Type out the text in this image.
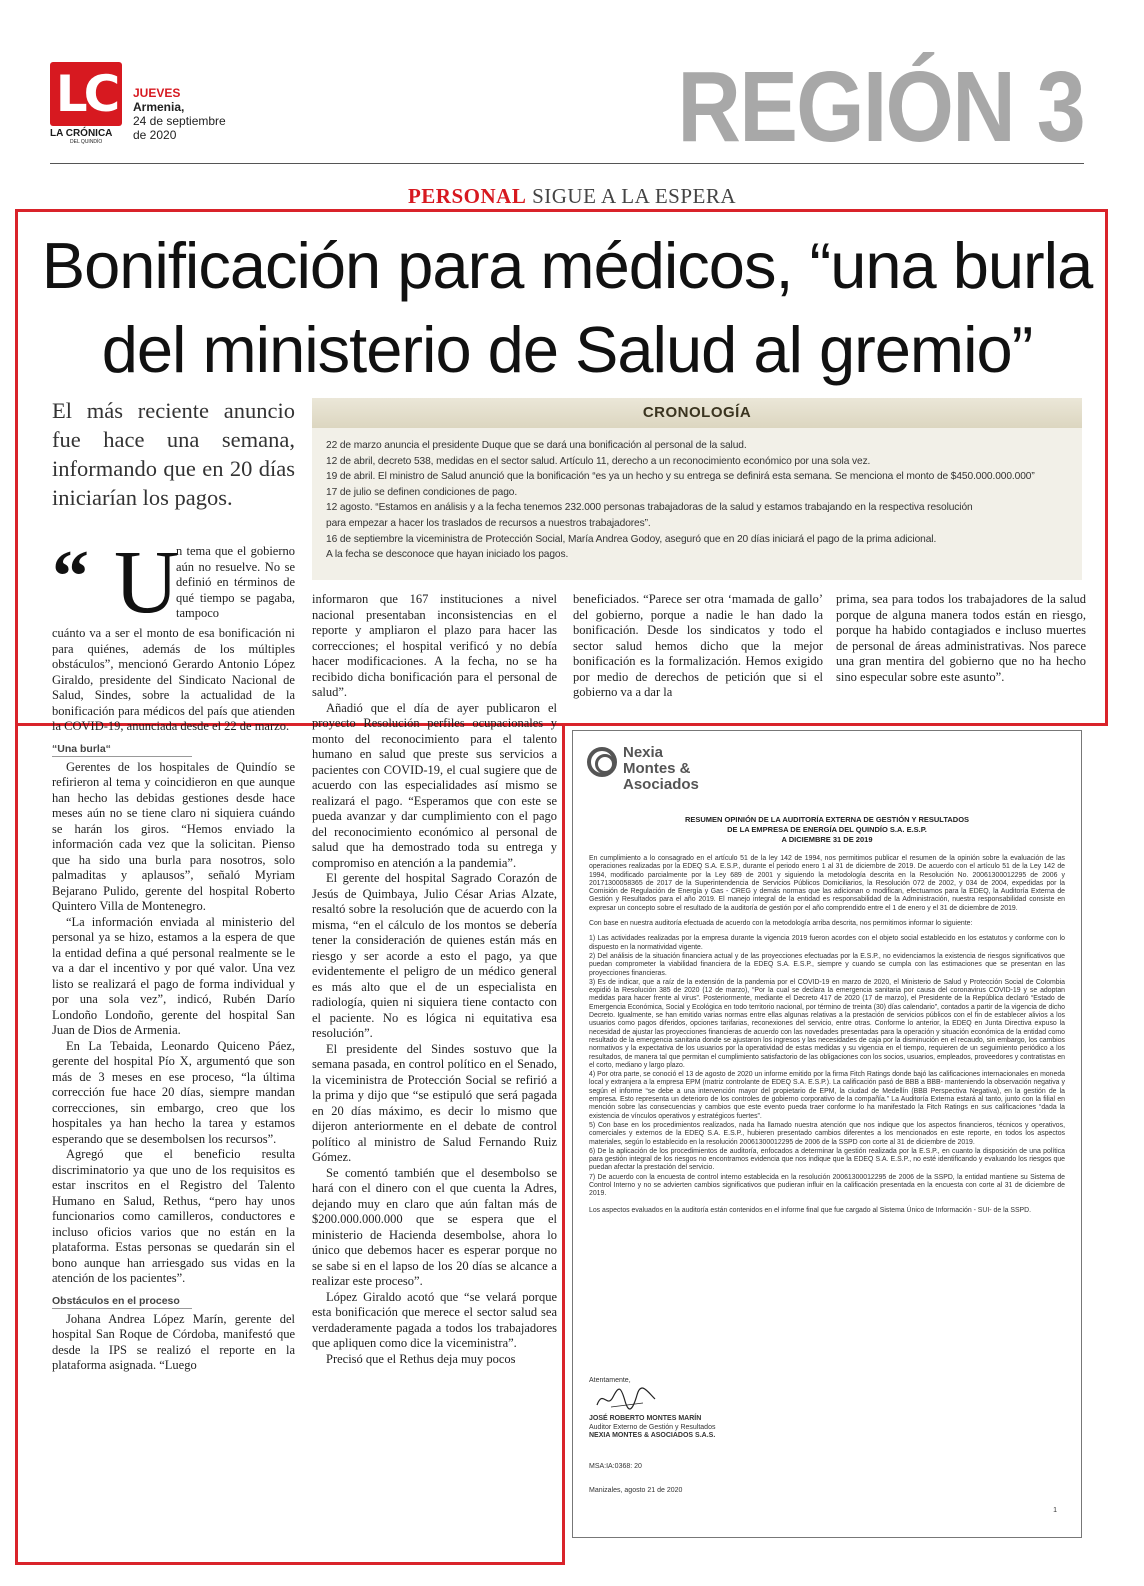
LC
LA CRÓNICA
DEL QUINDÍO
JUEVES
Armenia,
24 de septiembre
de 2020	REGIÓN 3
PERSONAL SIGUE A LA ESPERA
Bonificación para médicos, “una burla del ministerio de Salud al gremio”
El más reciente anuncio fue hace una semana, informando que en 20 días iniciarían los pagos.
CRONOLOGÍA
22 de marzo anuncia el presidente Duque que se dará una bonificación al personal de la salud.
12 de abril, decreto 538, medidas en el sector salud. Artículo 11, derecho a un reconocimiento económico por una sola vez.
19 de abril. El ministro de Salud anunció que la bonificación “es ya un hecho y su entrega se definirá esta semana. Se menciona el monto de $450.000.000.000”
17 de julio se definen condiciones de pago.
12 agosto. “Estamos en análisis y a la fecha tenemos 232.000 personas trabajadoras de la salud y estamos trabajando en la respectiva resolución
para empezar a hacer los traslados de recursos a nuestros trabajadores”.
16 de septiembre la viceministra de Protección Social, María Andrea Godoy, aseguró que en 20 días iniciará el pago de la prima adicional.
A la fecha se desconoce que hayan iniciado los pagos.
“ U
n tema que el gobierno aún no resuelve. No se definió en términos de qué tiempo se pagaba, tampoco

cuánto va a ser el monto de esa bonificación ni para quiénes, además de los múltiples obstáculos”, mencionó Gerardo Antonio López Giraldo, presidente del Sindicato Nacional de Salud, Sindes, sobre la actualidad de la bonificación para médicos del país que atienden la COVID-19, anunciada desde el 22 de marzo.

“Una burla“

Gerentes de los hospitales de Quindío se refirieron al tema y coincidieron en que aunque han hecho las debidas gestiones desde hace meses aún no se tiene claro ni siquiera cuándo se harán los giros. “Hemos enviado la información cada vez que la solicitan. Pienso que ha sido una burla para nosotros, solo palmaditas y aplausos”, señaló Myriam Bejarano Pulido, gerente del hospital Roberto Quintero Villa de Montenegro.

“La información enviada al ministerio del personal ya se hizo, estamos a la espera de que la entidad defina a qué personal realmente se le va a dar el incentivo y por qué valor. Una vez listo se realizará el pago de forma individual y por una sola vez”, indicó, Rubén Darío Londoño Londoño, gerente del hospital San Juan de Dios de Armenia.

En La Tebaida, Leonardo Quiceno Páez, gerente del hospital Pío X, argumentó que son más de 3 meses en ese proceso, “la última corrección fue hace 20 días, siempre mandan correcciones, sin embargo, creo que los hospitales ya han hecho la tarea y estamos esperando que se desembolsen los recursos”.

Agregó que el beneficio resulta discriminatorio ya que uno de los requisitos es estar inscritos en el Registro del Talento Humano en Salud, Rethus, “pero hay unos funcionarios como camilleros, conductores e incluso oficios varios que no están en la plataforma. Estas personas se quedarán sin el bono aunque han arriesgado sus vidas en la atención de los pacientes”.

Obstáculos en el proceso

Johana Andrea López Marín, gerente del hospital San Roque de Córdoba, manifestó que desde la IPS se realizó el reporte en la plataforma asignada. “Luego

informaron que 167 instituciones a nivel nacional presentaban inconsistencias en el reporte y ampliaron el plazo para hacer las correcciones; el hospital verificó y no debía hacer modificaciones. A la fecha, no se ha recibido dicha bonificación para el personal de salud”.

Añadió que el día de ayer publicaron el proyecto Resolución perfiles ocupacionales y monto del reconocimiento para el talento humano en salud que preste sus servicios a pacientes con COVID-19, el cual sugiere que de acuerdo con las especialidades así mismo se realizará el pago. “Esperamos que con este se pueda avanzar y dar cumplimiento con el pago del reconocimiento económico al personal de salud que ha demostrado toda su entrega y compromiso en atención a la pandemia”.

El gerente del hospital Sagrado Corazón de Jesús de Quimbaya, Julio César Arias Alzate, resaltó sobre la resolución que de acuerdo con la misma, “en el cálculo de los montos se debería tener la consideración de quienes están más en riesgo y ser acorde a esto el pago, ya que evidentemente el peligro de un médico general es más alto que el de un especialista en radiología, quien ni siquiera tiene contacto con el paciente. No es lógica ni equitativa esa resolución”.

El presidente del Sindes sostuvo que la semana pasada, en control político en el Senado, la viceministra de Protección Social se refirió a la prima y dijo que “se estipuló que será pagada en 20 días máximo, es decir lo mismo que dijeron anteriormente en el debate de control político al ministro de Salud Fernando Ruiz Gómez.

Se comentó también que el desembolso se hará con el dinero con el que cuenta la Adres, dejando muy en claro que aún faltan más de $200.000.000.000 que se espera que el ministerio de Hacienda desembolse, ahora lo único que debemos hacer es esperar porque no se sabe si en el lapso de los 20 días se alcance a realizar este proceso”.

López Giraldo acotó que “se velará porque esta bonificación que merece el sector salud sea verdaderamente pagada a todos los trabajadores que apliquen como dice la viceministra”.

Precisó que el Rethus deja muy pocos

beneficiados. “Parece ser otra ‘mamada de gallo’ del gobierno, porque a nadie le han dado la bonificación. Desde los sindicatos y todo el sector salud hemos dicho que la mejor bonificación es la formalización. Hemos exigido por medio de derechos de petición que si el gobierno va a dar la

prima, sea para todos los trabajadores de la salud porque de alguna manera todos están en riesgo, porque ha habido contagiados e incluso muertes de personal de áreas administrativas. Nos parece una gran mentira del gobierno que no ha hecho sino especular sobre este asunto”.

Nexia
Montes &
Asociados
RESUMEN OPINIÓN DE LA AUDITORÍA EXTERNA DE GESTIÓN Y RESULTADOS
DE LA EMPRESA DE ENERGÍA DEL QUINDÍO S.A. E.S.P.
A DICIEMBRE 31 DE 2019

En cumplimiento a lo consagrado en el artículo 51 de la ley 142 de 1994, nos permitimos publicar el resumen de la opinión sobre la evaluación de las operaciones realizadas por la EDEQ S.A. E.S.P., durante el periodo enero 1 al 31 de diciembre de 2019. De acuerdo con el artículo 51 de la Ley 142 de 1994, modificado parcialmente por la Ley 689 de 2001 y siguiendo la metodología descrita en la Resolución No. 20061300012295 de 2006 y 20171300058365 de 2017 de la Superintendencia de Servicios Públicos Domiciliarios, la Resolución 072 de 2002, y 034 de 2004, expedidas por la Comisión de Regulación de Energía y Gas - CREG y demás normas que las adicionan o modifican, efectuamos para la EDEQ, la Auditoría Externa de Gestión y Resultados para el año 2019. El manejo integral de la entidad es responsabilidad de la Administración, nuestra responsabilidad consiste en expresar un concepto sobre el resultado de la auditoría de gestión por el año comprendido entre el 1 de enero y el 31 de diciembre de 2019.

Con base en nuestra auditoría efectuada de acuerdo con la metodología arriba descrita, nos permitimos informar lo siguiente:

1) Las actividades realizadas por la empresa durante la vigencia 2019 fueron acordes con el objeto social establecido en los estatutos y conforme con lo dispuesto en la normatividad vigente.
2) Del análisis de la situación financiera actual y de las proyecciones efectuadas por la E.S.P., no evidenciamos la existencia de riesgos significativos que puedan comprometer la viabilidad financiera de la EDEQ S.A. E.S.P., siempre y cuando se cumpla con las estimaciones que se presentan en las proyecciones financieras.
3) Es de indicar, que a raíz de la extensión de la pandemia por el COVID-19 en marzo de 2020, el Ministerio de Salud y Protección Social de Colombia expidió la Resolución 385 de 2020 (12 de marzo), “Por la cual se declara la emergencia sanitaria por causa del coronavirus COVID-19 y se adoptan medidas para hacer frente al virus”. Posteriormente, mediante el Decreto 417 de 2020 (17 de marzo), el Presidente de la República declaró “Estado de Emergencia Económica, Social y Ecológica en todo territorio nacional, por término de treinta (30) días calendario”, contados a partir de la vigencia de dicho Decreto. Igualmente, se han emitido varias normas entre ellas algunas relativas a la prestación de servicios públicos con el fin de establecer alivios a los usuarios como pagos diferidos, opciones tarifarias, reconexiones del servicio, entre otras. Conforme lo anterior, la EDEQ en Junta Directiva expuso la necesidad de ajustar las proyecciones financieras de acuerdo con las novedades presentadas para la operación y situación económica de la entidad como resultado de la emergencia sanitaria donde se ajustaron los ingresos y las necesidades de caja por la disminución en el recaudo, sin embargo, los cambios normativos y la expectativa de los usuarios por la operatividad de estas medidas y su vigencia en el tiempo, requieren de un seguimiento periódico a los resultados, de manera tal que permitan el cumplimiento satisfactorio de las obligaciones con los socios, usuarios, empleados, proveedores y contratistas en el corto, mediano y largo plazo.
4) Por otra parte, se conoció el 13 de agosto de 2020 un informe emitido por la firma Fitch Ratings donde bajó las calificaciones internacionales en moneda local y extranjera a la empresa EPM (matriz controlante de EDEQ S.A. E.S.P.). La calificación pasó de BBB a BBB- manteniendo la observación negativa y según el informe “se debe a una intervención mayor del propietario de EPM, la ciudad de Medellín (BBB Perspectiva Negativa), en la gestión de la empresa. Esto representa un deterioro de los controles de gobierno corporativo de la compañía.” La Auditoría Externa estará al tanto, junto con la filial en mención sobre las consecuencias y cambios que este evento pueda traer conforme lo ha manifestado la Fitch Ratings en sus calificaciones “dada la existencia de vínculos operativos y estratégicos fuertes”.
5) Con base en los procedimientos realizados, nada ha llamado nuestra atención que nos indique que los aspectos financieros, técnicos y operativos, comerciales y externos de la EDEQ S.A. E.S.P., hubieren presentado cambios diferentes a los mencionados en este reporte, en todos los aspectos materiales, según lo establecido en la resolución 20061300012295 de 2006 de la SSPD con corte al 31 de diciembre de 2019.
6) De la aplicación de los procedimientos de auditoría, enfocados a determinar la gestión realizada por la E.S.P., en cuanto la disposición de una política para gestión integral de los riesgos no encontramos evidencia que nos indique que la EDEQ S.A. E.S.P., no esté identificando y evaluando los riesgos que puedan afectar la prestación del servicio.
7) De acuerdo con la encuesta de control interno establecida en la resolución 20061300012295 de 2006 de la SSPD, la entidad mantiene su Sistema de Control Interno y no se advierten cambios significativos que pudieran influir en la calificación presentada en la encuesta con corte al 31 de diciembre de 2019.

Los aspectos evaluados en la auditoría están contenidos en el informe final que fue cargado al Sistema Único de Información - SUI- de la SSPD.

Atentamente,
JOSÉ ROBERTO MONTES MARÍN
Auditor Externo de Gestión y Resultados
NEXIA MONTES & ASOCIADOS S.A.S.
MSA:IA:0368: 20
Manizales, agosto 21 de 2020
1
